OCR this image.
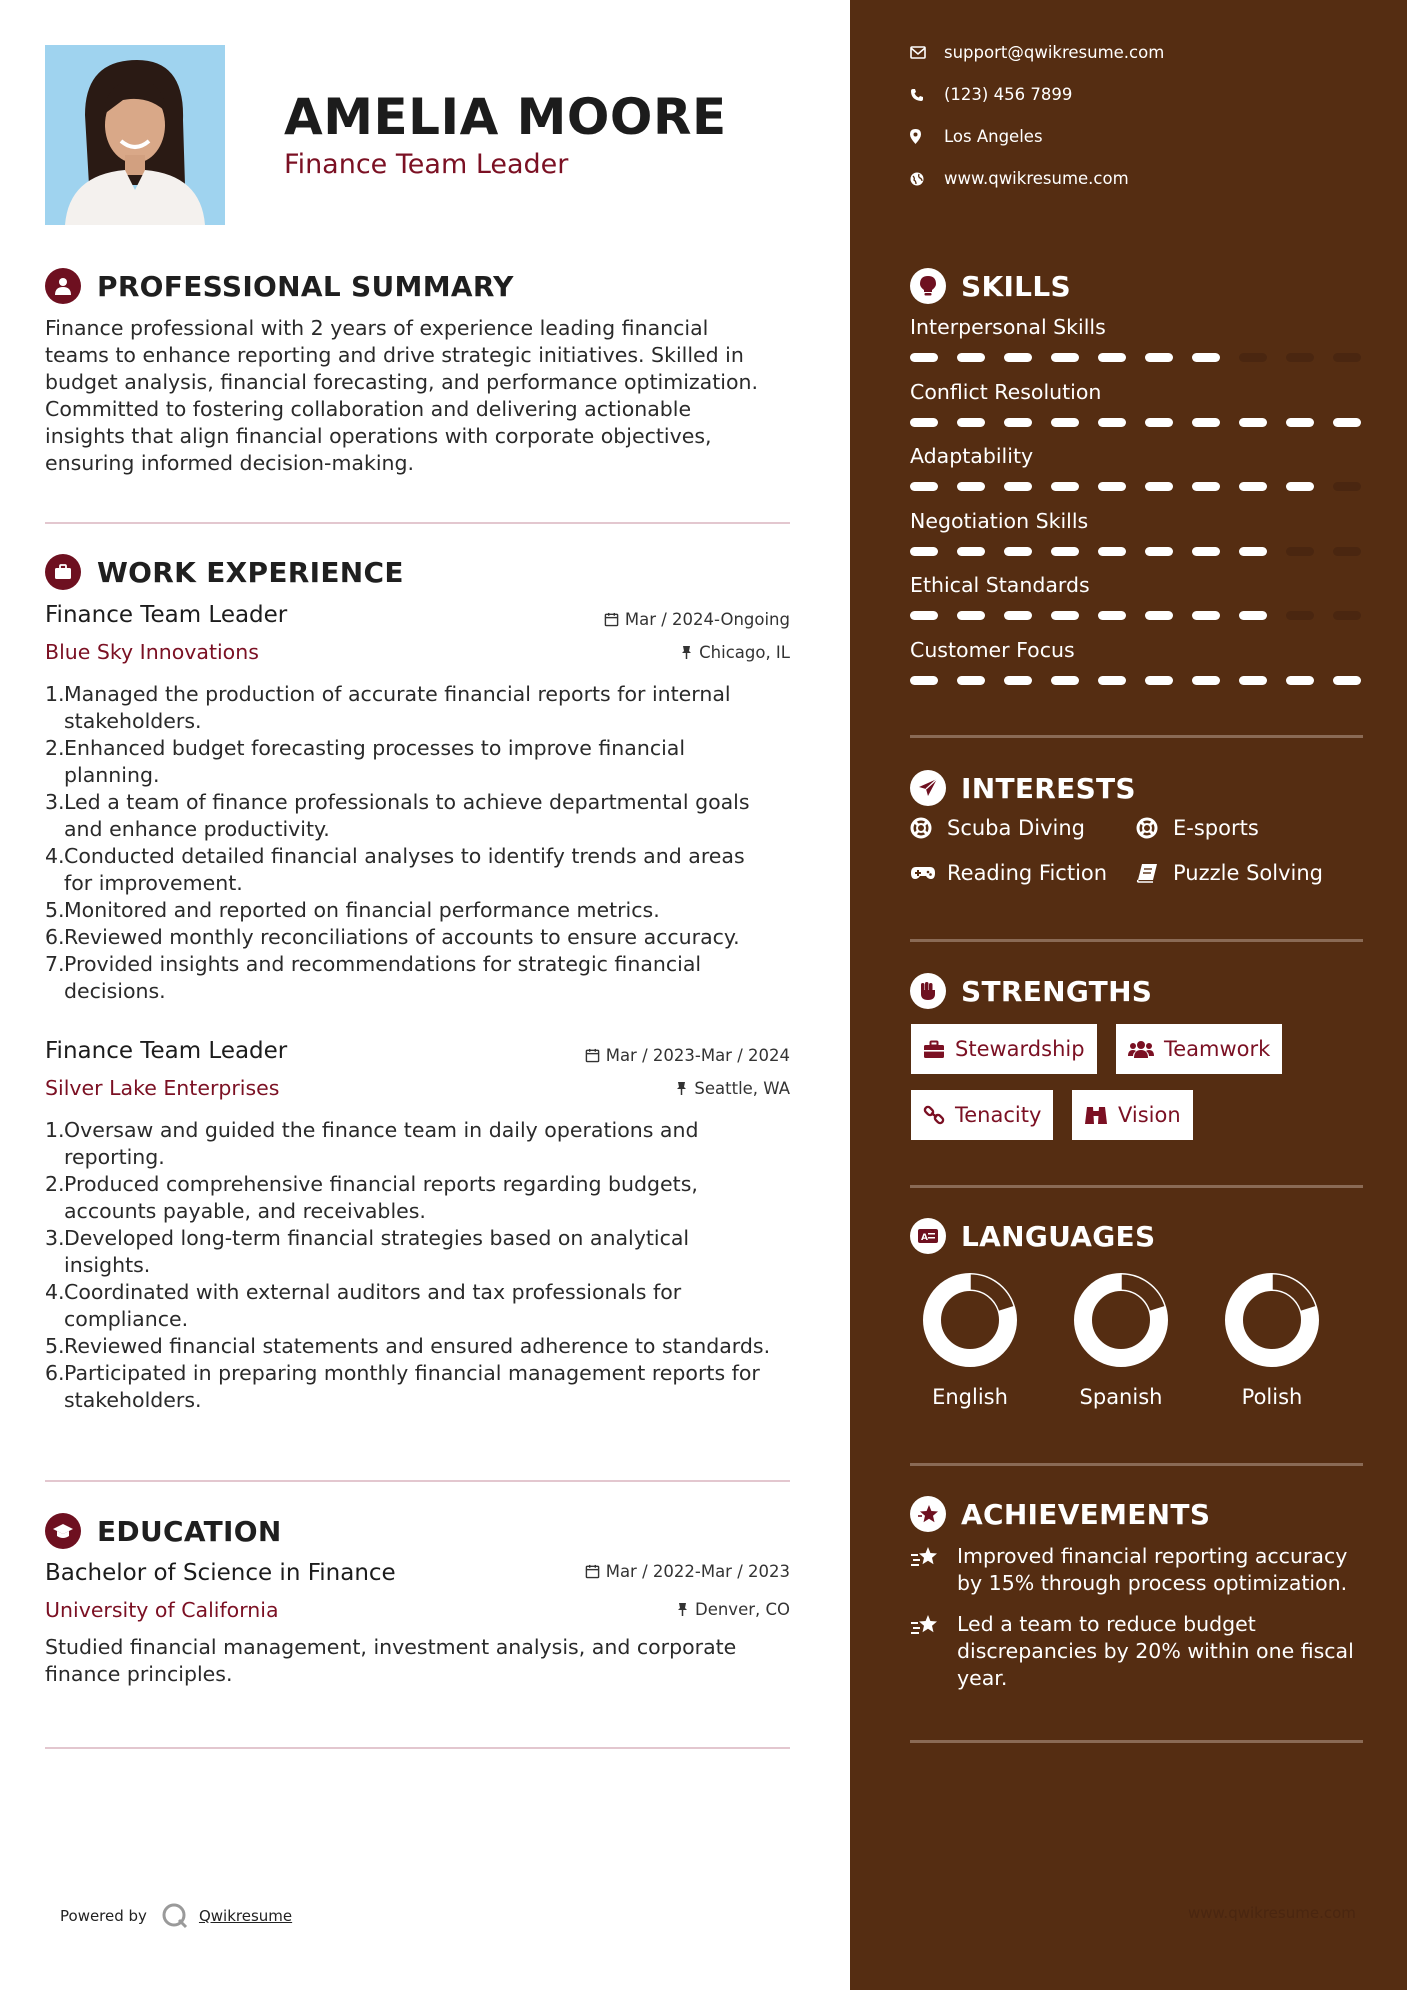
AMELIA MOORE
Finance Team Leader
PROFESSIONAL SUMMARY
Finance professional with 2 years of experience leading financial
teams to enhance reporting and drive strategic initiatives. Skilled in
budget analysis, financial forecasting, and performance optimization.
Committed to fostering collaboration and delivering actionable
insights that align financial operations with corporate objectives,
ensuring informed decision-making.
WORK EXPERIENCE
Finance Team Leader
Blue Sky Innovations
Mar / 2024-Ongoing
Chicago, IL
1. Managed the production of accurate financial reports for internal
stakeholders.
2. Enhanced budget forecasting processes to improve financial
planning.
3. Led a team of finance professionals to achieve departmental goals
and enhance productivity.
4. Conducted detailed financial analyses to identify trends and areas
for improvement.
5. Monitored and reported on financial performance metrics.
6. Reviewed monthly reconciliations of accounts to ensure accuracy.
7. Provided insights and recommendations for strategic financial
decisions.
Finance Team Leader
Silver Lake Enterprises
Mar / 2023-Mar / 2024
Seattle, WA
1. Oversaw and guided the finance team in daily operations and
reporting.
2. Produced comprehensive financial reports regarding budgets,
accounts payable, and receivables.
3. Developed long-term financial strategies based on analytical
insights.
4. Coordinated with external auditors and tax professionals for
compliance.
5. Reviewed financial statements and ensured adherence to standards.
6. Participated in preparing monthly financial management reports for
stakeholders.
EDUCATION
Bachelor of Science in Finance
University of California
Mar / 2022-Mar / 2023
Denver, CO
Studied financial management, investment analysis, and corporate
finance principles.
Powered by	Qwikresume
support@qwikresume.com
(123) 456 7899
Los Angeles
www.qwikresume.com
SKILLS
Interpersonal Skills
Conflict Resolution
Adaptability
Negotiation Skills
Ethical Standards
Customer Focus
INTERESTS
Scuba Diving	E-sports
Reading Fiction	Puzzle Solving
STRENGTHS
Stewardship	Teamwork
Tenacity	Vision
A LANGUAGES
English	Spanish	Polish
ACHIEVEMENTS
Improved financial reporting accuracy
by 15% through process optimization.
Led a team to reduce budget
discrepancies by 20% within one fiscal
year.
www.qwikresume.com
